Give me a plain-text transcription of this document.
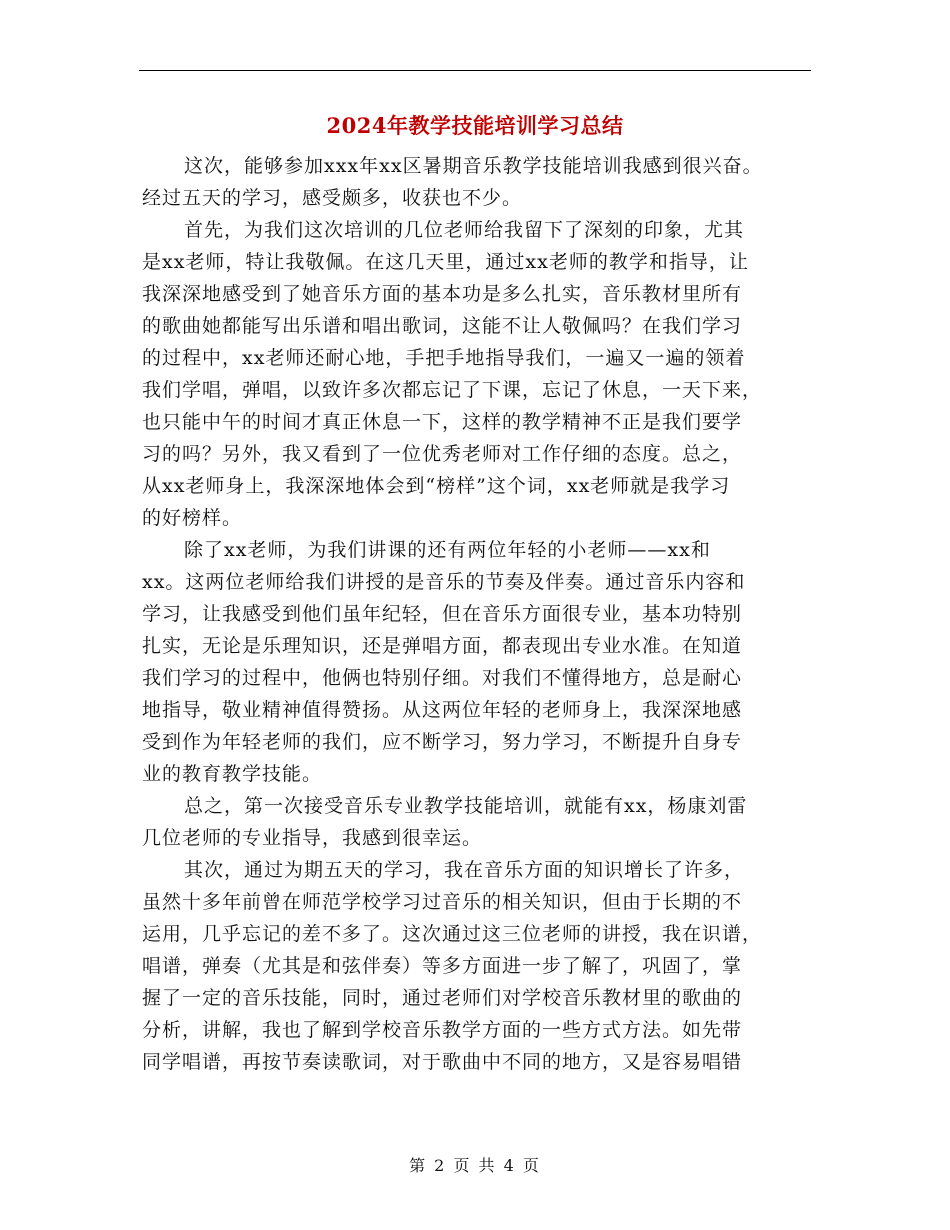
2024年教学技能培训学习总结

这次，能够参加xxx年xx区暑期音乐教学技能培训我感到很兴奋。

经过五天的学习，感受颇多，收获也不少。

首先，为我们这次培训的几位老师给我留下了深刻的印象，尤其

是xx老师，特让我敬佩。在这几天里，通过xx老师的教学和指导，让

我深深地感受到了她音乐方面的基本功是多么扎实，音乐教材里所有

的歌曲她都能写出乐谱和唱出歌词，这能不让人敬佩吗？在我们学习

的过程中，xx老师还耐心地，手把手地指导我们，一遍又一遍的领着

我们学唱，弹唱，以致许多次都忘记了下课，忘记了休息，一天下来，

也只能中午的时间才真正休息一下，这样的教学精神不正是我们要学

习的吗？另外，我又看到了一位优秀老师对工作仔细的态度。总之，

从xx老师身上，我深深地体会到“榜样”这个词，xx老师就是我学习

的好榜样。

除了xx老师，为我们讲课的还有两位年轻的小老师——xx和

xx。这两位老师给我们讲授的是音乐的节奏及伴奏。通过音乐内容和

学习，让我感受到他们虽年纪轻，但在音乐方面很专业，基本功特别

扎实，无论是乐理知识，还是弹唱方面，都表现出专业水准。在知道

我们学习的过程中，他俩也特别仔细。对我们不懂得地方，总是耐心

地指导，敬业精神值得赞扬。从这两位年轻的老师身上，我深深地感

受到作为年轻老师的我们，应不断学习，努力学习，不断提升自身专

业的教育教学技能。

总之，第一次接受音乐专业教学技能培训，就能有xx，杨康刘雷

几位老师的专业指导，我感到很幸运。

其次，通过为期五天的学习，我在音乐方面的知识增长了许多，

虽然十多年前曾在师范学校学习过音乐的相关知识，但由于长期的不

运用，几乎忘记的差不多了。这次通过这三位老师的讲授，我在识谱，

唱谱，弹奏（尤其是和弦伴奏）等多方面进一步了解了，巩固了，掌

握了一定的音乐技能，同时，通过老师们对学校音乐教材里的歌曲的

分析，讲解，我也了解到学校音乐教学方面的一些方式方法。如先带

同学唱谱，再按节奏读歌词，对于歌曲中不同的地方，又是容易唱错

第 2 页 共 4 页
